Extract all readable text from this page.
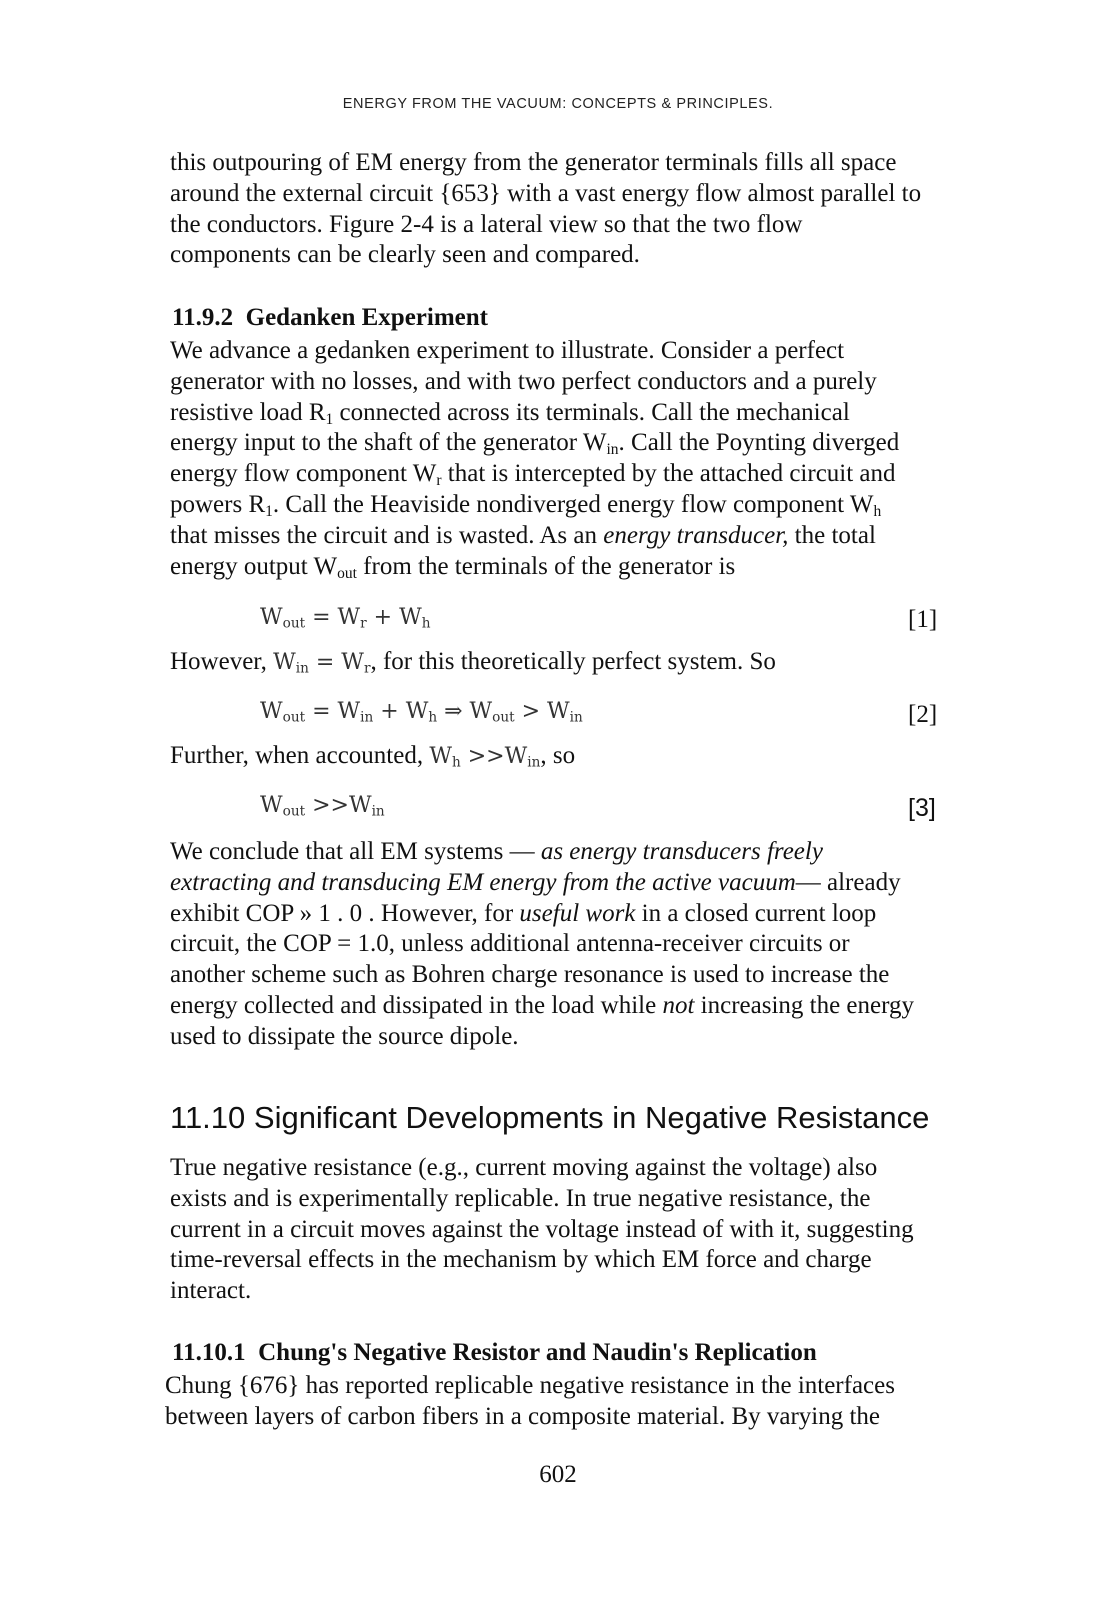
ENERGY FROM THE VACUUM: CONCEPTS & PRINCIPLES.

this outpouring of EM energy from the generator terminals fills all space

around the external circuit {653} with a vast energy flow almost parallel to

the conductors. Figure 2-4 is a lateral view so that the two flow

components can be clearly seen and compared.

11.9.2 Gedanken Experiment

We advance a gedanken experiment to illustrate. Consider a perfect

generator with no losses, and with two perfect conductors and a purely

resistive load $R_1$ connected across its terminals. Call the mechanical

energy input to the shaft of the generator $W_{in}$. Call the Poynting diverged

energy flow component $W_r$ that is intercepted by the attached circuit and

powers $R_1$. Call the Heaviside nondiverged energy flow component $W_h$

that misses the circuit and is wasted. As an energy transducer, the total

energy output $W_{out}$ from the terminals of the generator is

$W_{out} = W_r + W_h$	[1]
However, $W_{in} = W_r$, for this theoretically perfect system. So
$W_{out} = W_{in} + W_h$ ⇒ $W_{out} > W_{in}$	[2]
Further, when accounted, $W_h >>W_{in}$, so
$W_{out} >>W_{in}$	[3]

We conclude that all EM systems — as energy transducers freely

extracting and transducing EM energy from the active vacuum— already

exhibit COP » 1 . 0 . However, for useful work in a closed current loop

circuit, the COP = 1.0, unless additional antenna-receiver circuits or

another scheme such as Bohren charge resonance is used to increase the

energy collected and dissipated in the load while not increasing the energy

used to dissipate the source dipole.

11.10 Significant Developments in Negative Resistance

True negative resistance (e.g., current moving against the voltage) also

exists and is experimentally replicable. In true negative resistance, the

current in a circuit moves against the voltage instead of with it, suggesting

time-reversal effects in the mechanism by which EM force and charge

interact.

11.10.1 Chung's Negative Resistor and Naudin's Replication

Chung {676} has reported replicable negative resistance in the interfaces

between layers of carbon fibers in a composite material. By varying the

602
